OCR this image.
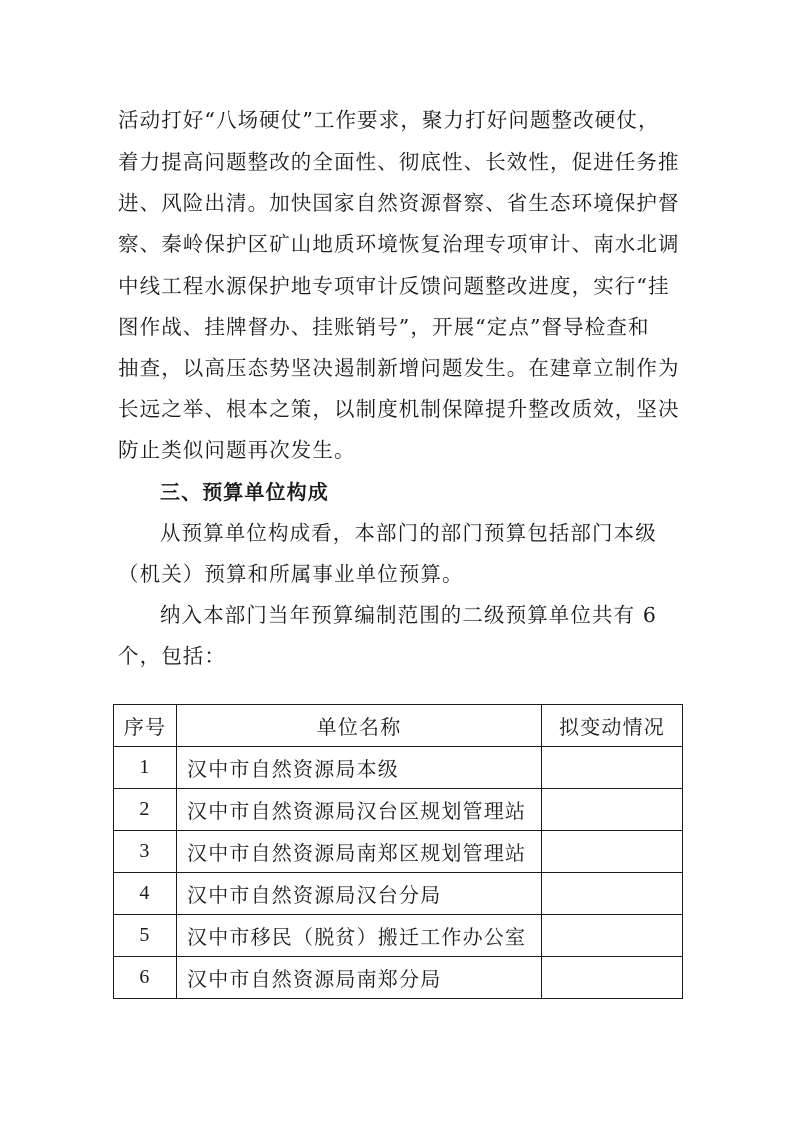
活动打好“八场硬仗”工作要求，聚力打好问题整改硬仗，
着力提高问题整改的全面性、彻底性、长效性，促进任务推
进、风险出清。加快国家自然资源督察、省生态环境保护督
察、秦岭保护区矿山地质环境恢复治理专项审计、南水北调
中线工程水源保护地专项审计反馈问题整改进度，实行“挂
图作战、挂牌督办、挂账销号”，开展“定点”督导检查和
抽查，以高压态势坚决遏制新增问题发生。在建章立制作为
长远之举、根本之策，以制度机制保障提升整改质效，坚决
防止类似问题再次发生。
三、预算单位构成
从预算单位构成看，本部门的部门预算包括部门本级
（机关）预算和所属事业单位预算。
纳入本部门当年预算编制范围的二级预算单位共有 6
个，包括：
序号	单位名称	拟变动情况
1	汉中市自然资源局本级	
2	汉中市自然资源局汉台区规划管理站	
3	汉中市自然资源局南郑区规划管理站	
4	汉中市自然资源局汉台分局	
5	汉中市移民（脱贫）搬迁工作办公室	
6	汉中市自然资源局南郑分局	
